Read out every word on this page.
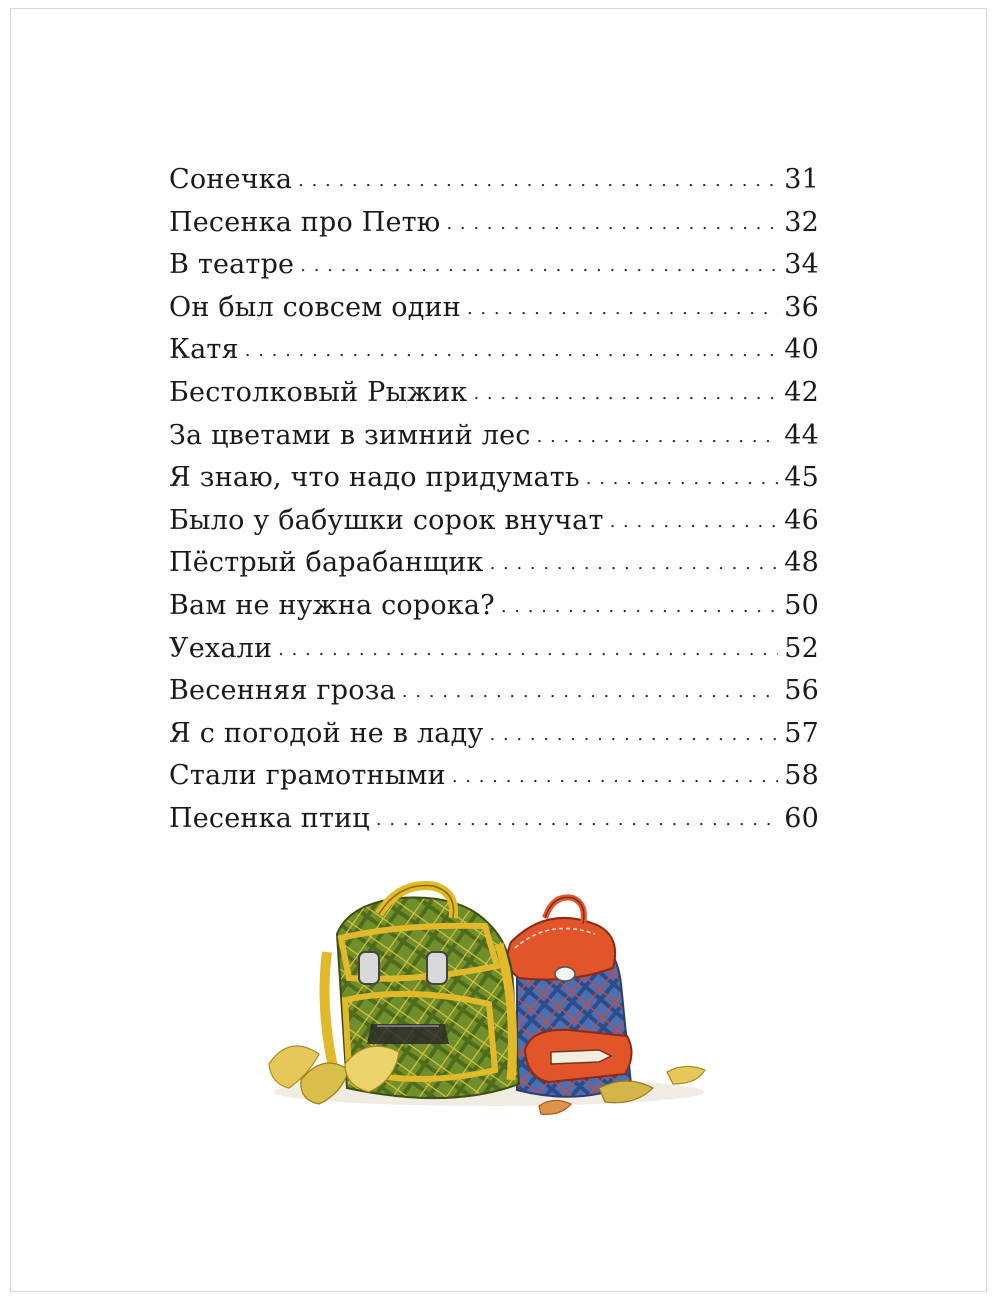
Сонечка . . .	31
Песенка про Петю . . .	32
В театре . . .	34
Он был совсем один . . .	36
Катя . . .	40
Бестолковый Рыжик . . .	42
За цветами в зимний лес . . .	44
Я знаю, что надо придумать . . .	45
Было у бабушки сорок внучат . . .	46
Пёстрый барабанщик . . .	48
Вам не нужна сорока? . . .	50
Уехали . . .	52
Весенняя гроза . . .	56
Я с погодой не в ладу . . .	57
Стали грамотными . . .	58
Песенка птиц . . .	60
